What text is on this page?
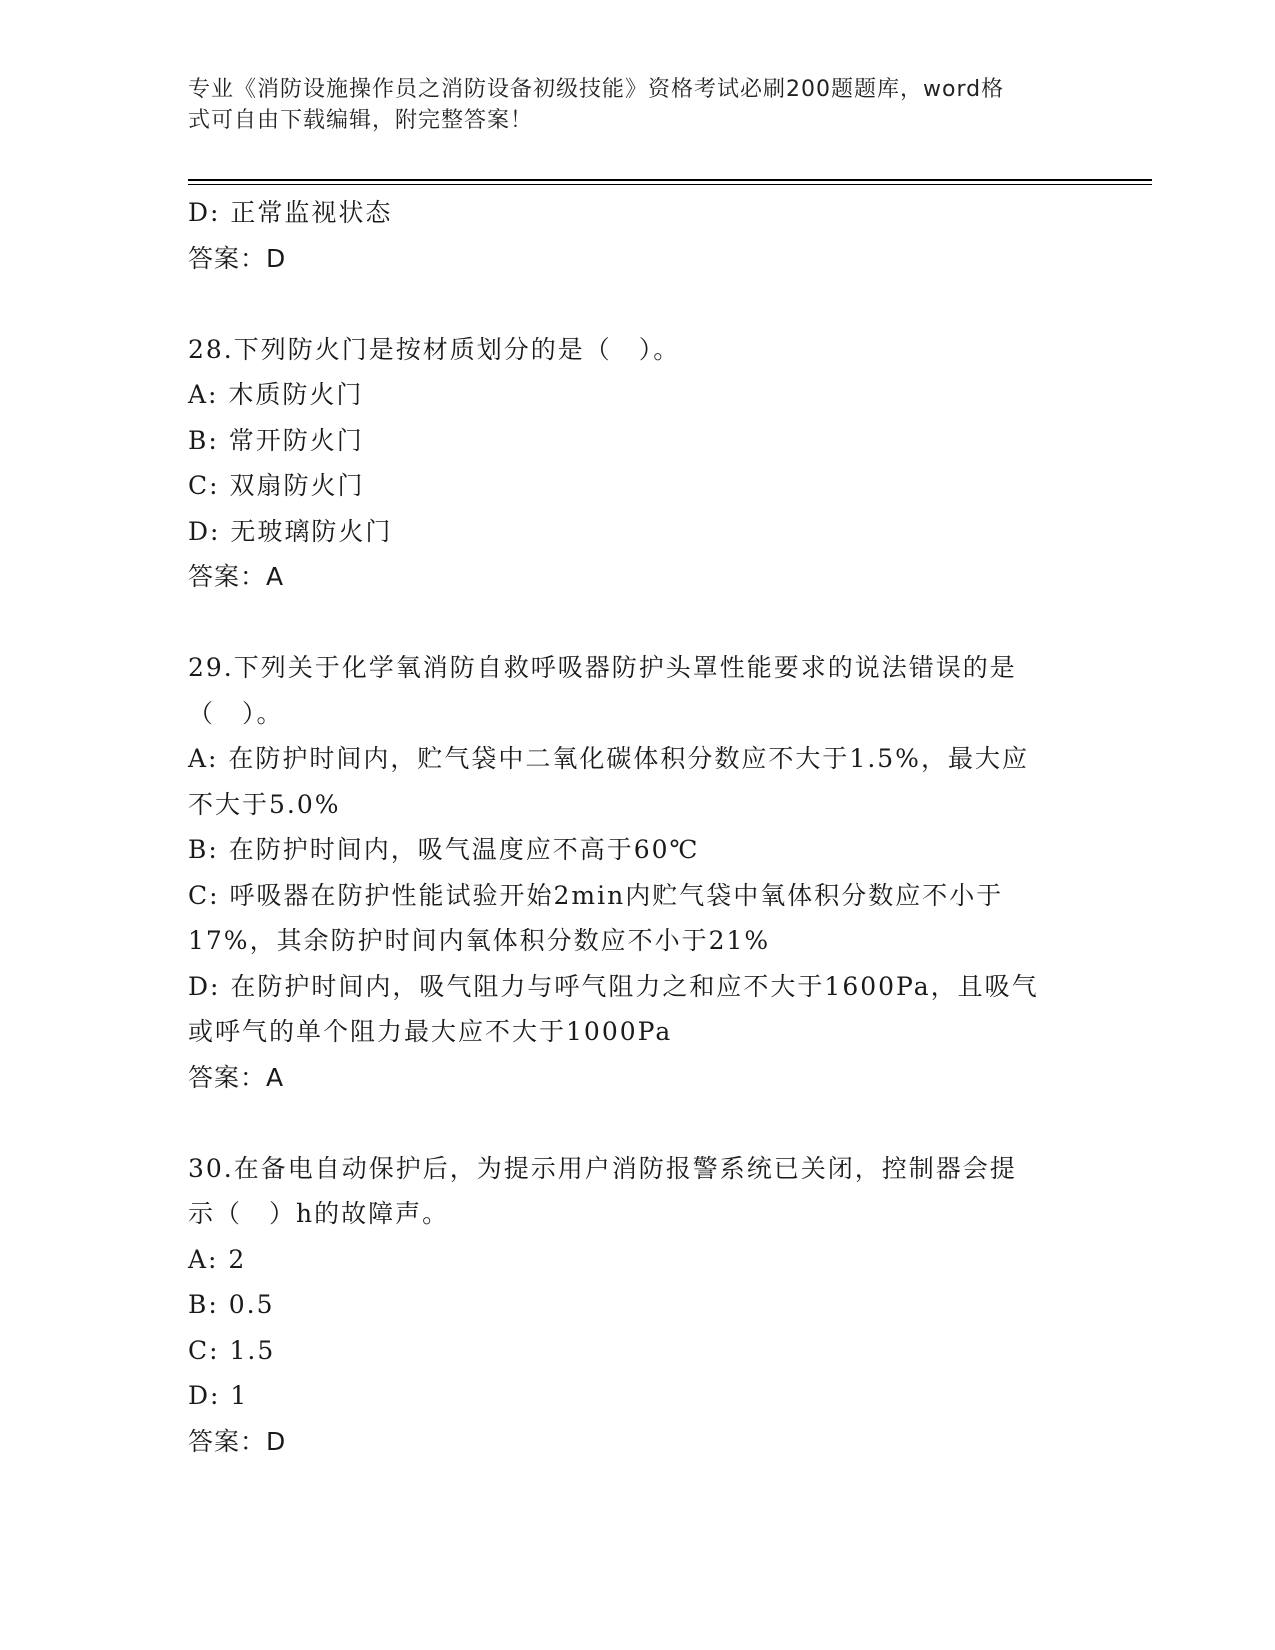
专业《消防设施操作员之消防设备初级技能》资格考试必刷200题题库，word格
式可自由下载编辑，附完整答案！
D: 正常监视状态
答案：D
28.下列防火门是按材质划分的是（　）。
A: 木质防火门
B: 常开防火门
C: 双扇防火门
D: 无玻璃防火门
答案：A
29.下列关于化学氧消防自救呼吸器防护头罩性能要求的说法错误的是
（　）。
A: 在防护时间内，贮气袋中二氧化碳体积分数应不大于1.5%，最大应
不大于5.0%
B: 在防护时间内，吸气温度应不高于60℃
C: 呼吸器在防护性能试验开始2min内贮气袋中氧体积分数应不小于
17%，其余防护时间内氧体积分数应不小于21%
D: 在防护时间内，吸气阻力与呼气阻力之和应不大于1600Pa，且吸气
或呼气的单个阻力最大应不大于1000Pa
答案：A
30.在备电自动保护后，为提示用户消防报警系统已关闭，控制器会提
示（　）h的故障声。
A: 2
B: 0.5
C: 1.5
D: 1
答案：D
